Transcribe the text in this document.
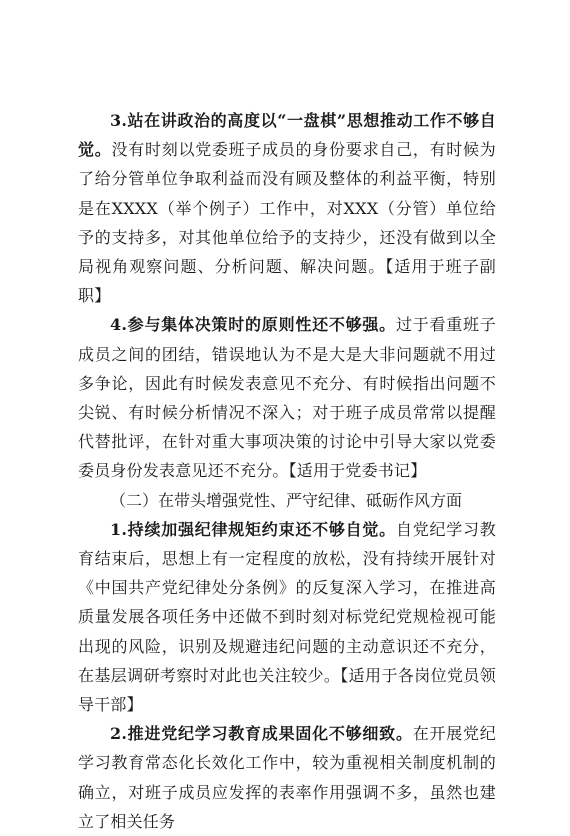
3.站在讲政治的高度以“一盘棋”思想推动工作不够自觉。没有时刻以党委班子成员的身份要求自己，有时候为了给分管单位争取利益而没有顾及整体的利益平衡，特别是在XXXX（举个例子）工作中，对XXX（分管）单位给予的支持多，对其他单位给予的支持少，还没有做到以全局视角观察问题、分析问题、解决问题。【适用于班子副职】

4.参与集体决策时的原则性还不够强。过于看重班子成员之间的团结，错误地认为不是大是大非问题就不用过多争论，因此有时候发表意见不充分、有时候指出问题不尖锐、有时候分析情况不深入；对于班子成员常常以提醒代替批评，在针对重大事项决策的讨论中引导大家以党委委员身份发表意见还不充分。【适用于党委书记】

（二）在带头增强党性、严守纪律、砥砺作风方面

1.持续加强纪律规矩约束还不够自觉。自党纪学习教育结束后，思想上有一定程度的放松，没有持续开展针对《中国共产党纪律处分条例》的反复深入学习，在推进高质量发展各项任务中还做不到时刻对标党纪党规检视可能出现的风险，识别及规避违纪问题的主动意识还不充分，在基层调研考察时对此也关注较少。【适用于各岗位党员领导干部】

2.推进党纪学习教育成果固化不够细致。在开展党纪学习教育常态化长效化工作中，较为重视相关制度机制的确立，对班子成员应发挥的表率作用强调不多，虽然也建立了相关任务
